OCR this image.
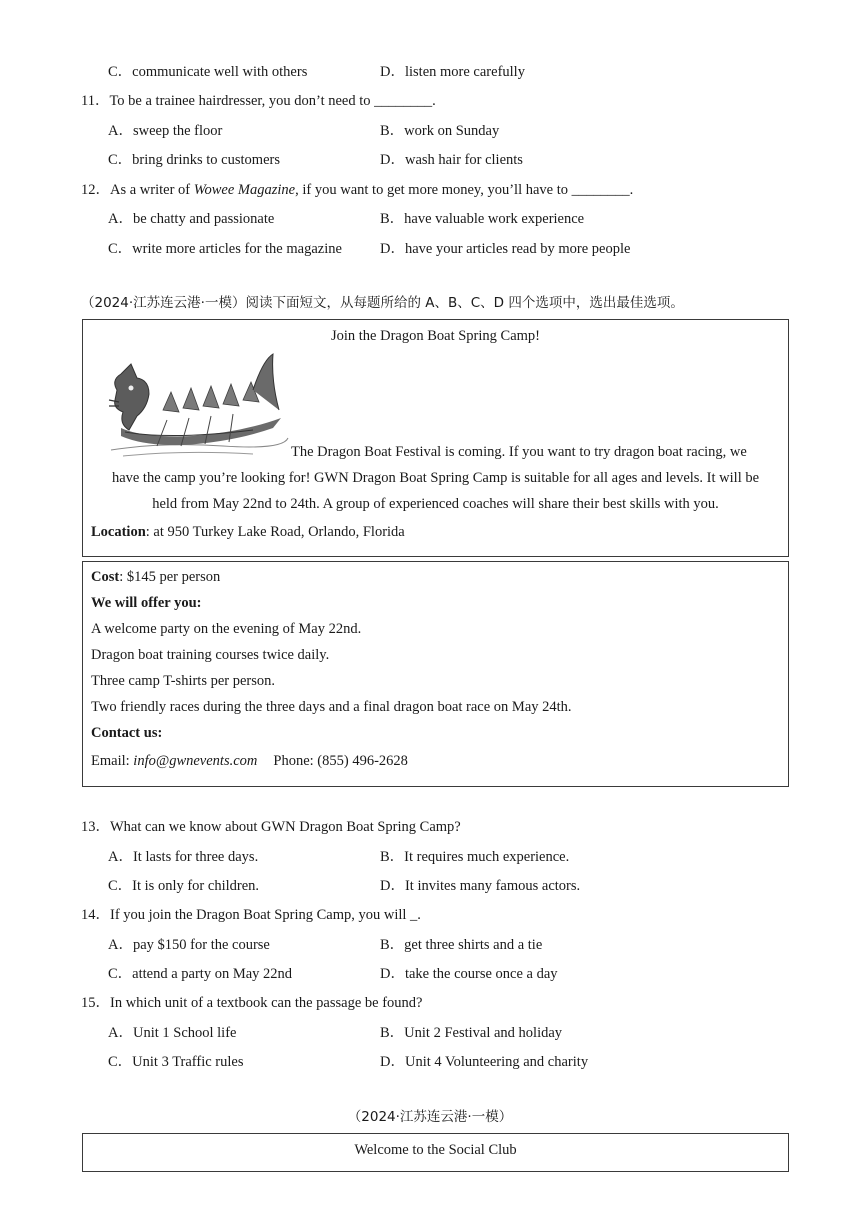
C．communicate well with others	D．listen more carefully
11．To be a trainee hairdresser, you don’t need to ________.
A．sweep the floor	B．work on Sunday
C．bring drinks to customers	D．wash hair for clients
12．As a writer of Wowee Magazine, if you want to get more money, you’ll have to ________.
A．be chatty and passionate	B．have valuable work experience
C．write more articles for the magazine	D．have your articles read by more people
（2024·江苏连云港·一模）阅读下面短文，从每题所给的 A、B、C、D 四个选项中，选出最佳选项。
Join the Dragon Boat Spring Camp!
The Dragon Boat Festival is coming. If you want to try dragon boat racing, we
have the camp you’re looking for! GWN Dragon Boat Spring Camp is suitable for all ages and levels. It will be
held from May 22nd to 24th. A group of experienced coaches will share their best skills with you.
Location: at 950 Turkey Lake Road, Orlando, Florida
Cost: $145 per person
We will offer you:
A welcome party on the evening of May 22nd.
Dragon boat training courses twice daily.
Three camp T-shirts per person.
Two friendly races during the three days and a final dragon boat race on May 24th.
Contact us:
Email: info@gwnevents.com Phone: (855) 496-2628
13．What can we know about GWN Dragon Boat Spring Camp?
A．It lasts for three days.	B．It requires much experience.
C．It is only for children.	D．It invites many famous actors.
14．If you join the Dragon Boat Spring Camp, you will _.
A．pay $150 for the course	B．get three shirts and a tie
C．attend a party on May 22nd	D．take the course once a day
15．In which unit of a textbook can the passage be found?
A．Unit 1 School life	B．Unit 2 Festival and holiday
C．Unit 3 Traffic rules	D．Unit 4 Volunteering and charity
（2024·江苏连云港·一模）
Welcome to the Social Club
